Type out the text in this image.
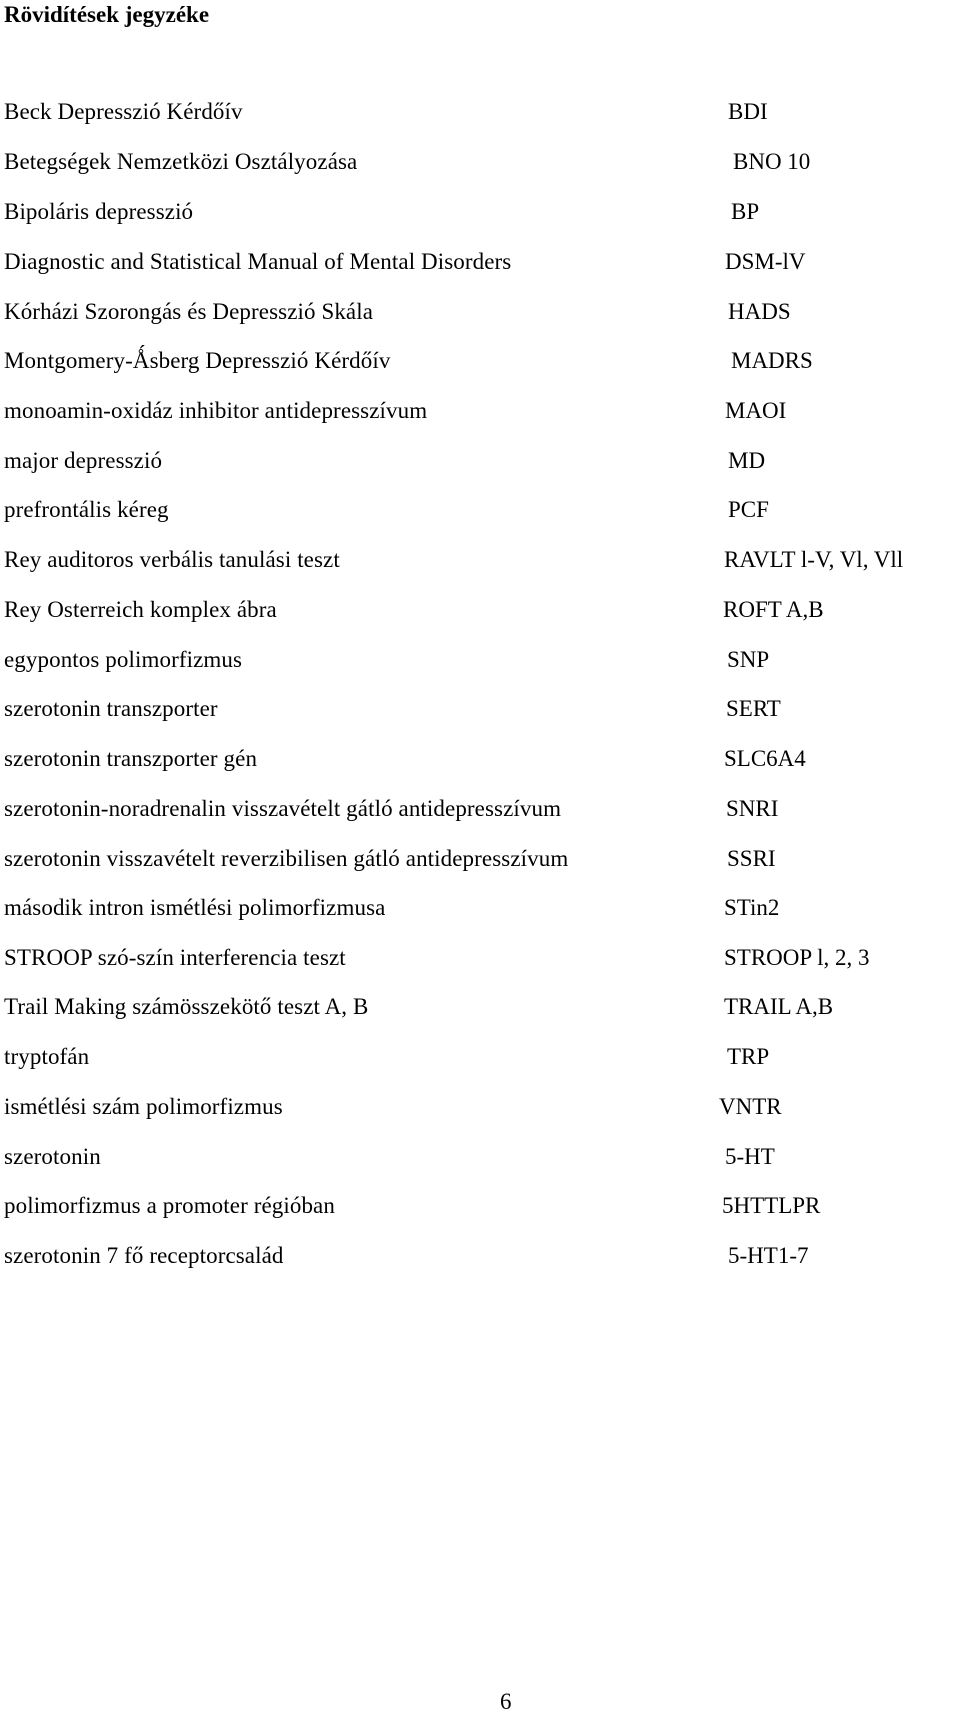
Rövidítések jegyzéke
Beck Depresszió Kérdőív	BDI
Betegségek Nemzetközi Osztályozása	BNO 10
Bipoláris depresszió	BP
Diagnostic and Statistical Manual of Mental Disorders	DSM-lV
Kórházi Szorongás és Depresszió Skála	HADS
Montgomery-Ǻsberg Depresszió Kérdőív	MADRS
monoamin-oxidáz inhibitor antidepresszívum	MAOI
major depresszió	MD
prefrontális kéreg	PCF
Rey auditoros verbális tanulási teszt	RAVLT l-V, Vl, Vll
Rey Osterreich komplex ábra	ROFT A,B
egypontos polimorfizmus	SNP
szerotonin transzporter	SERT
szerotonin transzporter gén	SLC6A4
szerotonin-noradrenalin visszavételt gátló antidepresszívum	SNRI
szerotonin visszavételt reverzibilisen gátló antidepresszívum	SSRI
második intron ismétlési polimorfizmusa	STin2
STROOP szó-szín interferencia teszt	STROOP l, 2, 3
Trail Making számösszekötő teszt A, B	TRAIL A,B
tryptofán	TRP
ismétlési szám polimorfizmus	VNTR
szerotonin	5-HT
polimorfizmus a promoter régióban	5HTTLPR
szerotonin 7 fő receptorcsalád	5-HT1-7
6
